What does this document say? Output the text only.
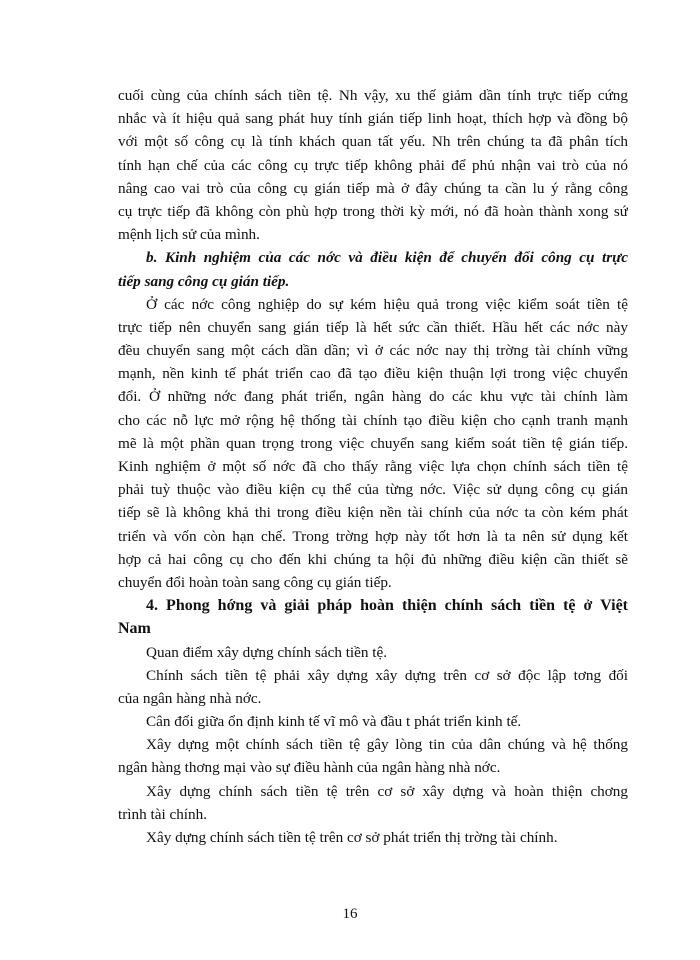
cuối cùng của chính sách tiền tệ. Nh vậy, xu thế giảm dần tính trực tiếp cứng
nhắc và ít hiệu quả sang phát huy tính gián tiếp linh hoạt, thích hợp và đồng bộ
với một số công cụ là tính khách quan tất yếu. Nh trên chúng ta đã phân tích
tính hạn chế của các công cụ trực tiếp không phải để phủ nhận vai trò của nó
nâng cao vai trò của công cụ gián tiếp mà ở đây chúng ta cần lu ý rằng công
cụ trực tiếp đã không còn phù hợp trong thời kỳ mới, nó đã hoàn thành xong sứ
mệnh lịch sử của mình.
b. Kinh nghiệm của các nớc và điều kiện để chuyển đổi công cụ trực
tiếp sang công cụ gián tiếp.
Ở các nớc công nghiệp do sự kém hiệu quả trong việc kiểm soát tiền tệ
trực tiếp nên chuyển sang gián tiếp là hết sức cần thiết. Hầu hết các nớc này
đều chuyển sang một cách dần dần; vì ở các nớc nay thị trờng tài chính vững
mạnh, nền kinh tế phát triển cao đã tạo điều kiện thuận lợi trong việc chuyển
đổi. Ở những nớc đang phát triển, ngân hàng do các khu vực tài chính làm
cho các nỗ lực mở rộng hệ thống tài chính tạo điều kiện cho cạnh tranh mạnh
mẽ là một phần quan trọng trong việc chuyển sang kiểm soát tiền tệ gián tiếp.
Kinh nghiệm ở một số nớc đã cho thấy rằng việc lựa chọn chính sách tiền tệ
phải tuỳ thuộc vào điều kiện cụ thể của từng nớc. Việc sử dụng công cụ gián
tiếp sẽ là không khả thi trong điều kiện nền tài chính của nớc ta còn kém phát
triển và vốn còn hạn chế. Trong trờng hợp này tốt hơn là ta nên sử dụng kết
hợp cả hai công cụ cho đến khi chúng ta hội đủ những điều kiện cần thiết sẽ
chuyển đổi hoàn toàn sang công cụ gián tiếp.
4. Phong hớng và giải pháp hoàn thiện chính sách tiền tệ ở Việt
Nam
Quan điểm xây dựng chính sách tiền tệ.
Chính sách tiền tệ phải xây dựng xây dựng trên cơ sở độc lập tơng đối
của ngân hàng nhà nớc.
Cân đối giữa ổn định kinh tế vĩ mô và đầu t phát triển kinh tế.
Xây dựng một chính sách tiền tệ gây lòng tin của dân chúng và hệ thống
ngân hàng thơng mại vào sự điều hành của ngân hàng nhà nớc.
Xây dựng chính sách tiền tệ trên cơ sở xây dựng và hoàn thiện chơng
trình tài chính.
Xây dựng chính sách tiền tệ trên cơ sở phát triển thị trờng tài chính.
16
